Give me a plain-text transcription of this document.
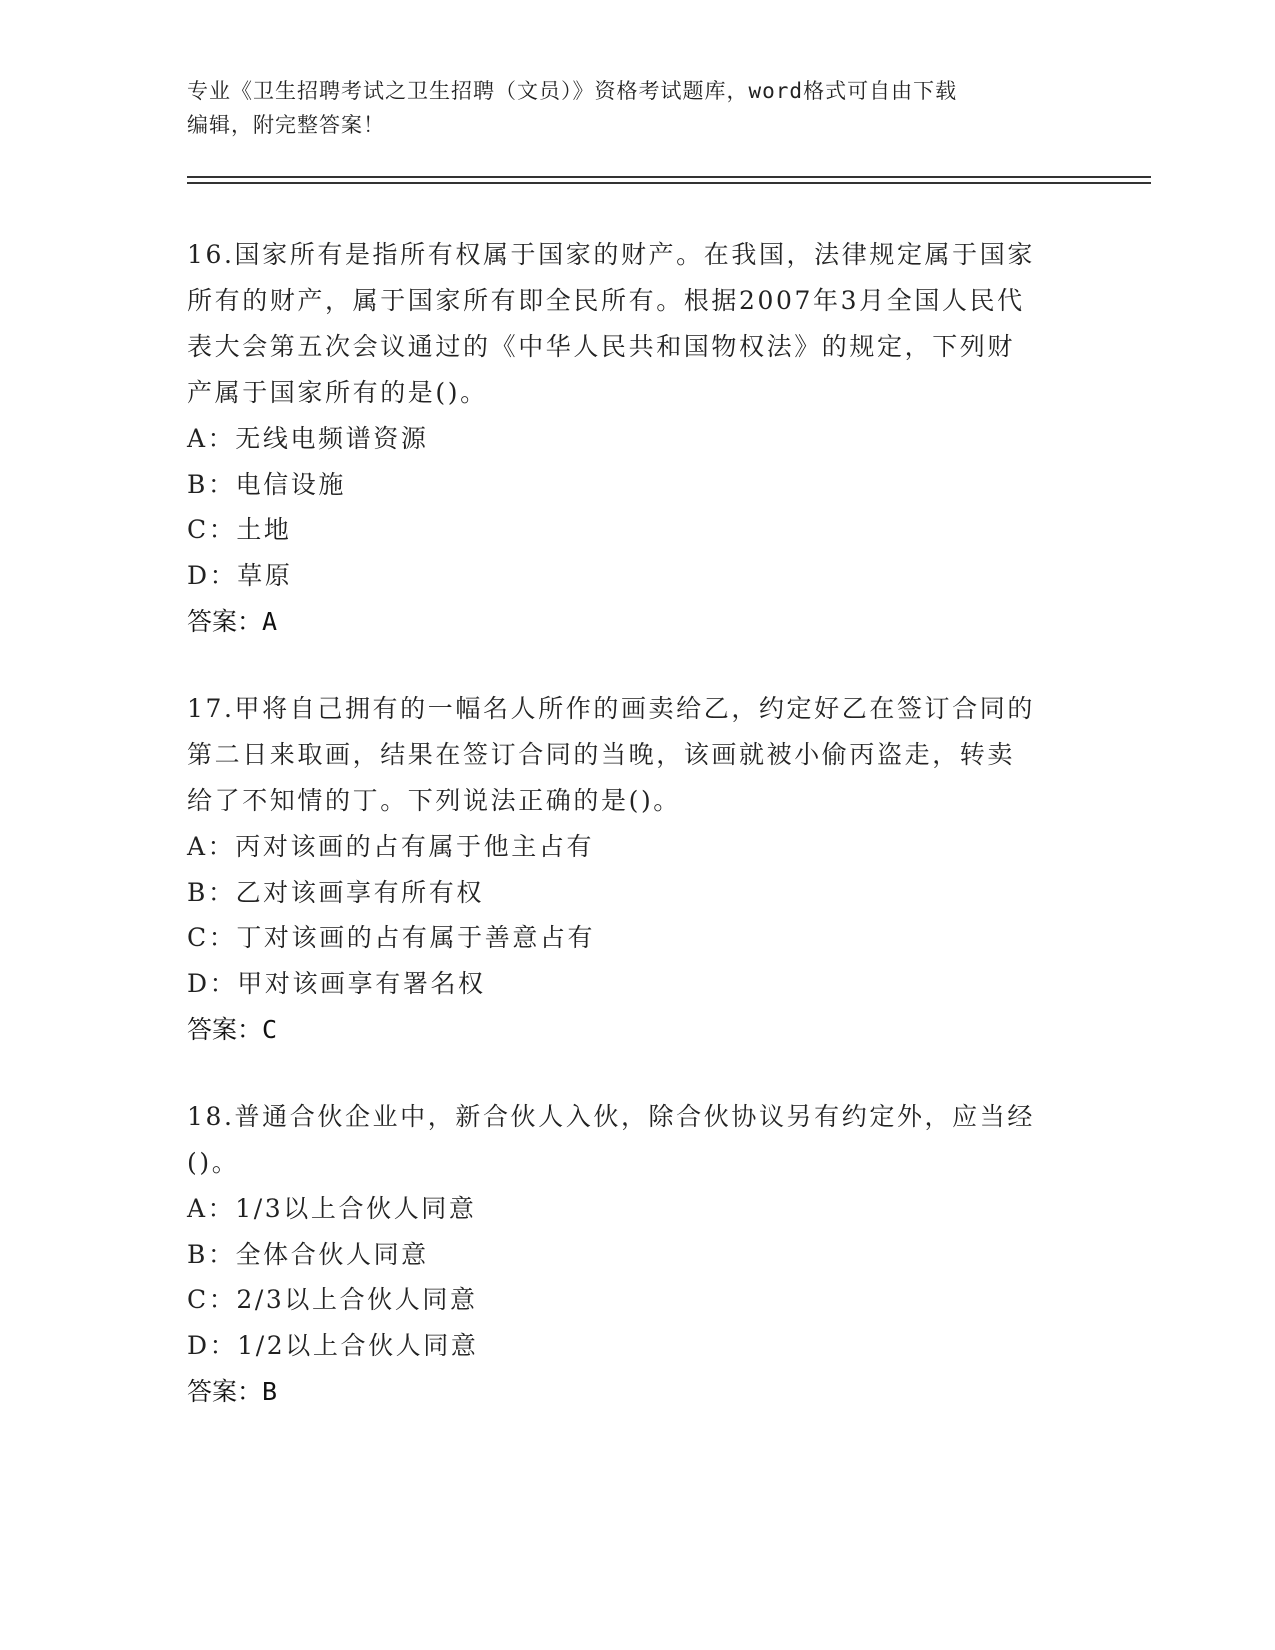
专业《卫生招聘考试之卫生招聘（文员）》资格考试题库，word格式可自由下载
编辑，附完整答案！
16.国家所有是指所有权属于国家的财产。在我国，法律规定属于国家
所有的财产，属于国家所有即全民所有。根据2007年3月全国人民代
表大会第五次会议通过的《中华人民共和国物权法》的规定，下列财
产属于国家所有的是()。
A：无线电频谱资源
B：电信设施
C：土地
D：草原
答案：A
17.甲将自己拥有的一幅名人所作的画卖给乙，约定好乙在签订合同的
第二日来取画，结果在签订合同的当晚，该画就被小偷丙盗走，转卖
给了不知情的丁。下列说法正确的是()。
A：丙对该画的占有属于他主占有
B：乙对该画享有所有权
C：丁对该画的占有属于善意占有
D：甲对该画享有署名权
答案：C
18.普通合伙企业中，新合伙人入伙，除合伙协议另有约定外，应当经
()。
A：1/3以上合伙人同意
B：全体合伙人同意
C：2/3以上合伙人同意
D：1/2以上合伙人同意
答案：B
